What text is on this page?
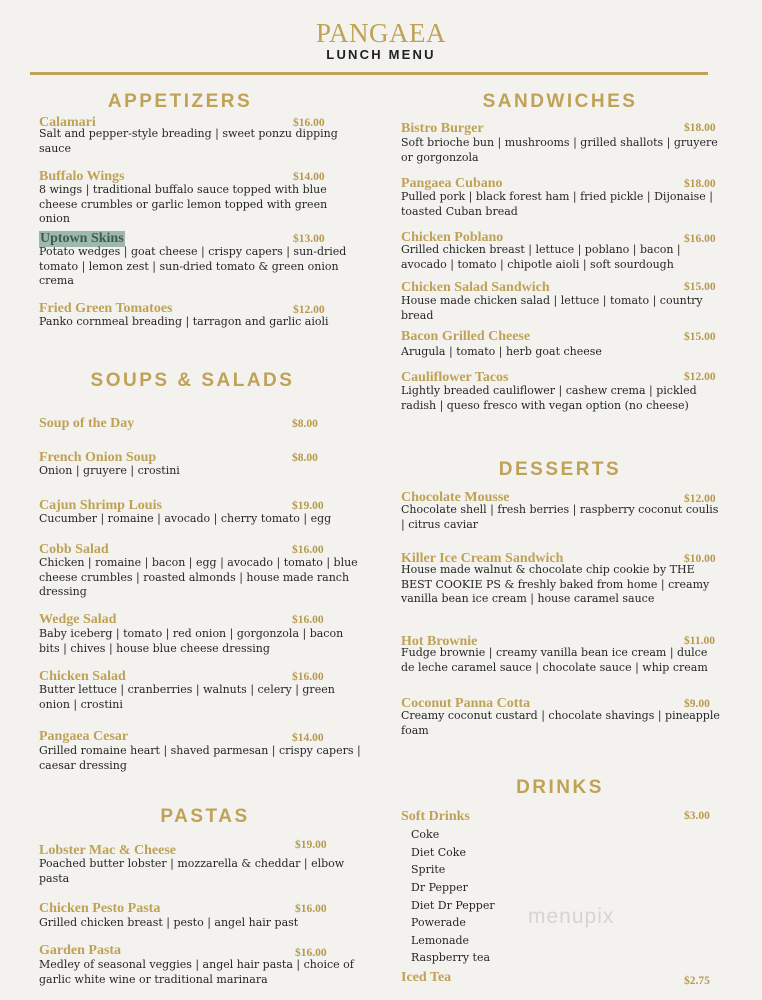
PANGAEA
LUNCH MENU
APPETIZERS
SOUPS & SALADS
PASTAS
SANDWICHES
DESSERTS
DRINKS
Calamari	$16.00
Salt and pepper-style breading | sweet ponzu dipping sauce
Buffalo Wings	$14.00
8 wings | traditional buffalo sauce topped with blue cheese crumbles or garlic lemon topped with green onion
Uptown Skins	$13.00
Potato wedges | goat cheese | crispy capers | sun-dried tomato | lemon zest | sun-dried tomato & green onion crema
Fried Green Tomatoes	$12.00
Panko cornmeal breading | tarragon and garlic aioli
Soup of the Day	$8.00
French Onion Soup	$8.00
Onion | gruyere | crostini
Cajun Shrimp Louis	$19.00
Cucumber | romaine | avocado | cherry tomato | egg
Cobb Salad	$16.00
Chicken | romaine | bacon | egg | avocado | tomato | blue cheese crumbles | roasted almonds | house made ranch dressing
Wedge Salad	$16.00
Baby iceberg | tomato | red onion | gorgonzola | bacon bits | chives | house blue cheese dressing
Chicken Salad	$16.00
Butter lettuce | cranberries | walnuts | celery | green onion | crostini
Pangaea Cesar	$14.00
Grilled romaine heart | shaved parmesan | crispy capers | caesar dressing
Lobster Mac & Cheese	$19.00
Poached butter lobster | mozzarella & cheddar | elbow pasta
Chicken Pesto Pasta	$16.00
Grilled chicken breast | pesto | angel hair past
Garden Pasta	$16.00
Medley of seasonal veggies | angel hair pasta | choice of garlic white wine or traditional marinara
Bistro Burger	$18.00
Soft brioche bun | mushrooms | grilled shallots | gruyere or gorgonzola
Pangaea Cubano	$18.00
Pulled pork | black forest ham | fried pickle | Dijonaise | toasted Cuban bread
Chicken Poblano	$16.00
Grilled chicken breast | lettuce | poblano | bacon | avocado | tomato | chipotle aioli | soft sourdough
Chicken Salad Sandwich	$15.00
House made chicken salad | lettuce | tomato | country bread
Bacon Grilled Cheese	$15.00
Arugula | tomato | herb goat cheese
Cauliflower Tacos	$12.00
Lightly breaded cauliflower | cashew crema | pickled radish | queso fresco with vegan option (no cheese)
Chocolate Mousse	$12.00
Chocolate shell | fresh berries | raspberry coconut coulis | citrus caviar
Killer Ice Cream Sandwich	$10.00
House made walnut & chocolate chip cookie by THE BEST COOKIE PS & freshly baked from home | creamy vanilla bean ice cream | house caramel sauce
Hot Brownie	$11.00
Fudge brownie | creamy vanilla bean ice cream | dulce de leche caramel sauce | chocolate sauce | whip cream
Coconut Panna Cotta	$9.00
Creamy coconut custard | chocolate shavings | pineapple foam
Soft Drinks	$3.00
Coke
Diet Coke
Sprite
Dr Pepper
Diet Dr Pepper
Powerade
Lemonade
Raspberry tea
Iced Tea	$2.75
menupix
